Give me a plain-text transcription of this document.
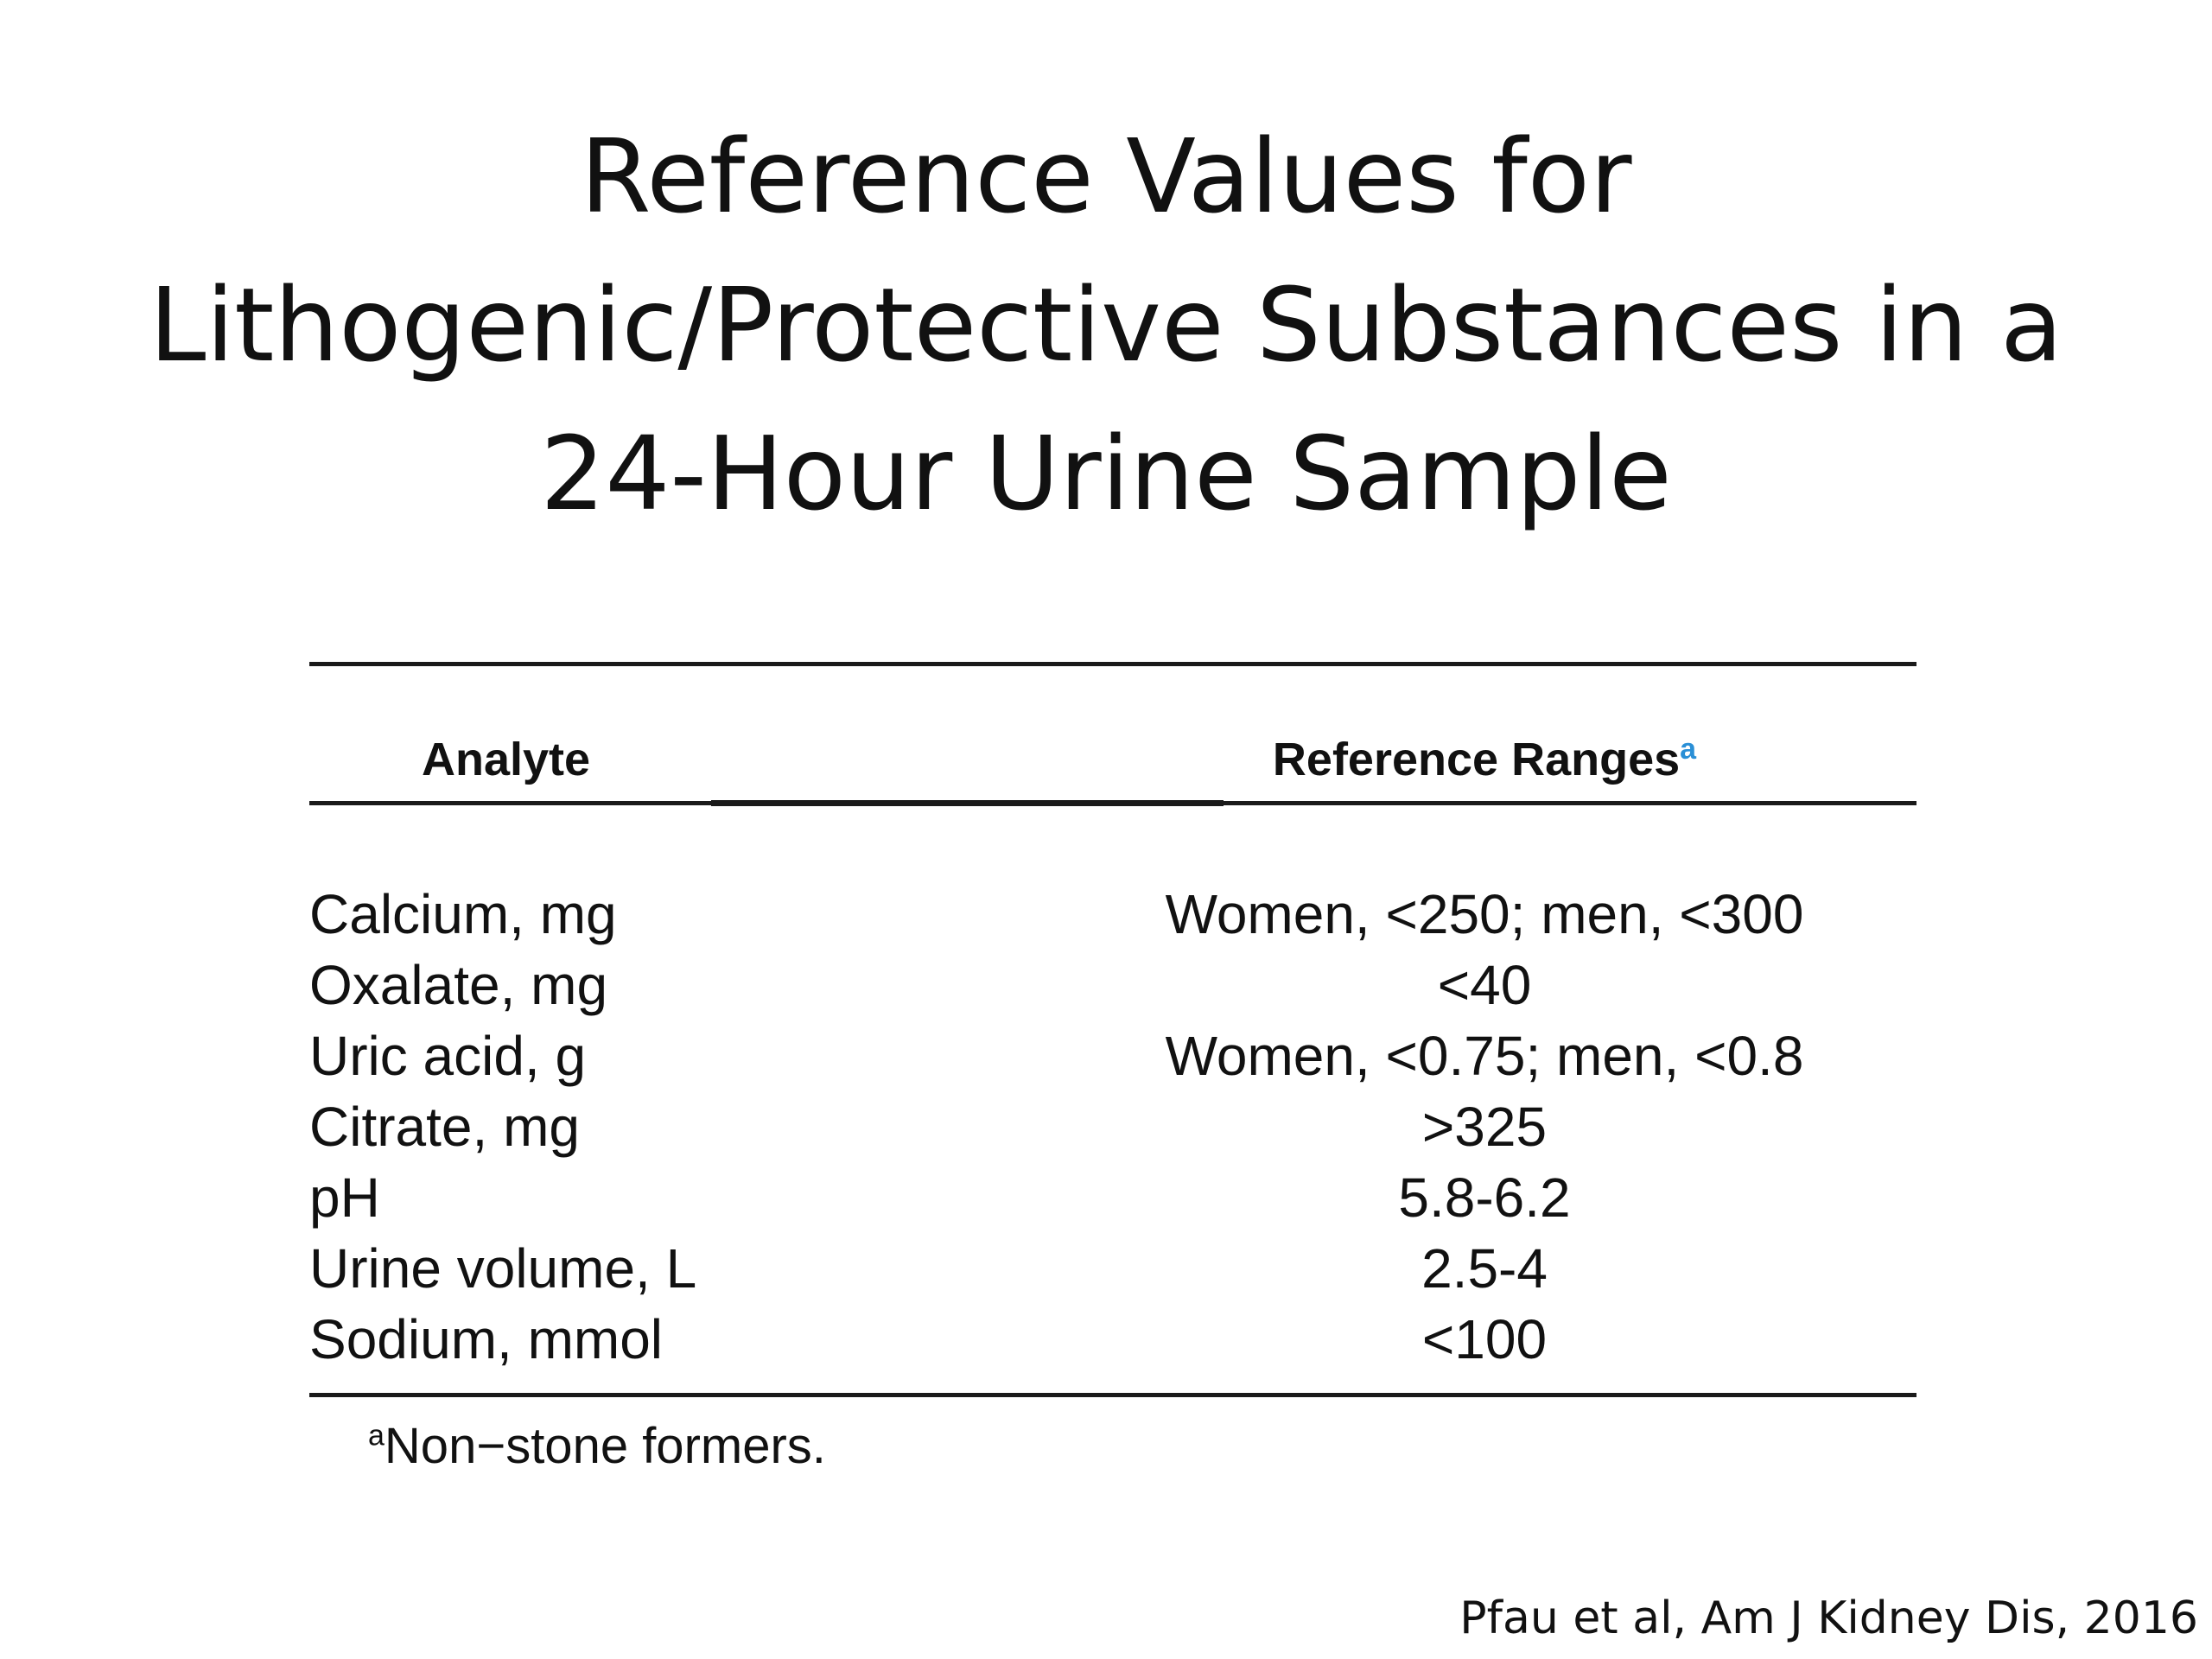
Reference Values for
Lithogenic/Protective Substances in a
24-Hour Urine Sample
Analyte	Reference Ranges$^a$
Calcium, mg	Women, <250; men, <300
Oxalate, mg	<40
Uric acid, g	Women, <0.75; men, <0.8
Citrate, mg	>325
pH	5.8-6.2
Urine volume, L	2.5-4
Sodium, mmol	<100
$^a$Non−stone formers.
Pfau et al, Am J Kidney Dis, 2016
